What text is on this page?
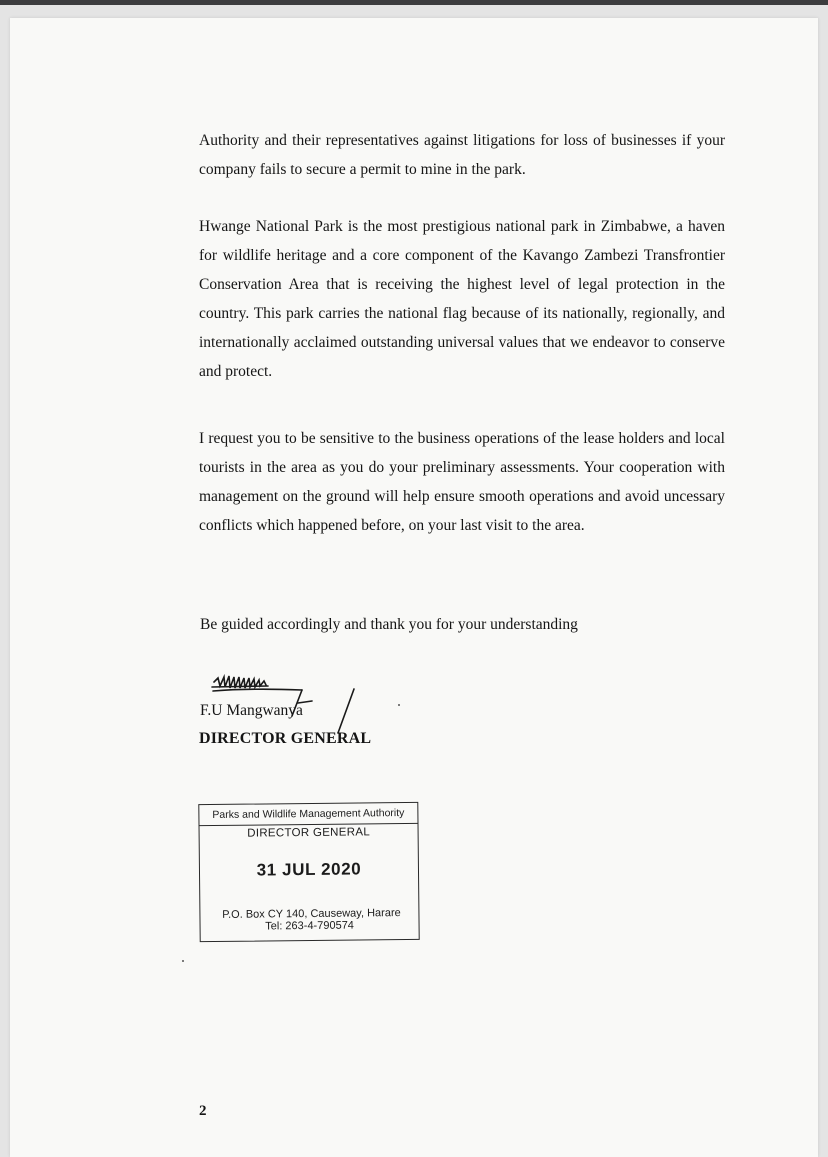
Authority and their representatives against litigations for loss of businesses if your company fails to secure a permit to mine in the park.
Hwange National Park is the most prestigious national park in Zimbabwe, a haven for wildlife heritage and a core component of the Kavango Zambezi Transfrontier Conservation Area that is receiving the highest level of legal protection in the country. This park carries the national flag because of its nationally, regionally, and internationally acclaimed outstanding universal values that we endeavor to conserve and protect.
I request you to be sensitive to the business operations of the lease holders and local tourists in the area as you do your preliminary assessments. Your cooperation with management on the ground will help ensure smooth operations and avoid uncessary conflicts which happened before, on your last visit to the area.
Be guided accordingly and thank you for your understanding
F.U Mangwanya
DIRECTOR GENERAL
Parks and Wildlife Management Authority
DIRECTOR GENERAL
31 JUL 2020
P.O. Box CY 140, Causeway, Harare
Tel: 263-4-790574
2
